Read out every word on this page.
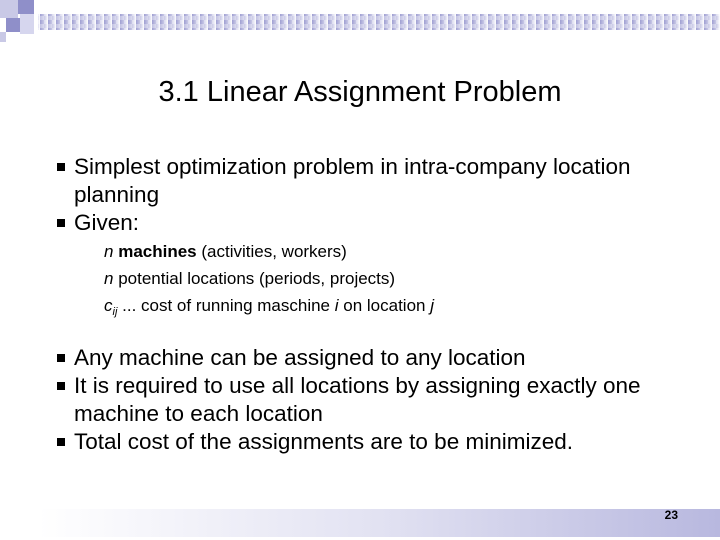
3.1 Linear Assignment Problem
Simplest optimization problem in intra-company location planning
Given:
n machines (activities, workers)
n potential locations (periods, projects)
$c_{ij}$ ... cost of running maschine i on location j
Any machine can be assigned to any location
It is required to use all locations by assigning exactly one machine to each location
Total cost of the assignments are to be minimized.
23
